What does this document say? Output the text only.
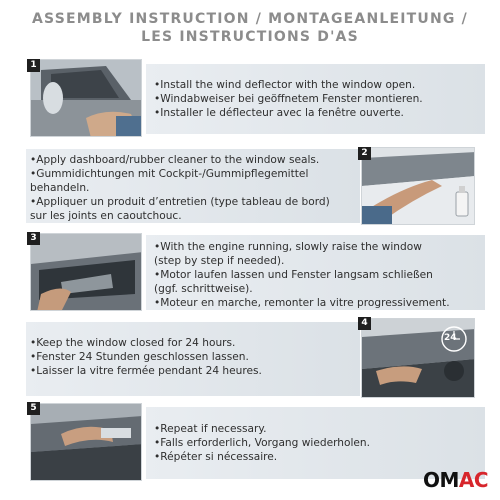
ASSEMBLY INSTRUCTION / MONTAGEANLEITUNG /
LES INSTRUCTIONS D'AS

•Install the wind deflector with the window open.

•Windabweiser bei geöffnetem Fenster montieren.

•Installer le déflecteur avec la fenêtre ouverte.

1

•Apply dashboard/rubber cleaner to the window seals.

•Gummidichtungen mit Cockpit-/Gummipflegemittel

behandeln.

•Appliquer un produit d’entretien (type tableau de bord)

sur les joints en caoutchouc.

2

•With the engine running, slowly raise the window

(step by step if needed).

•Motor laufen lassen und Fenster langsam schließen

(ggf. schrittweise).

•Moteur en marche, remonter la vitre progressivement.

3

•Keep the window closed for 24 hours.

•Fenster 24 Stunden geschlossen lassen.

•Laisser la vitre fermée pendant 24 heures.

24
4

•Repeat if necessary.

•Falls erforderlich, Vorgang wiederholen.

•Répéter si nécessaire.

5
OMAC
